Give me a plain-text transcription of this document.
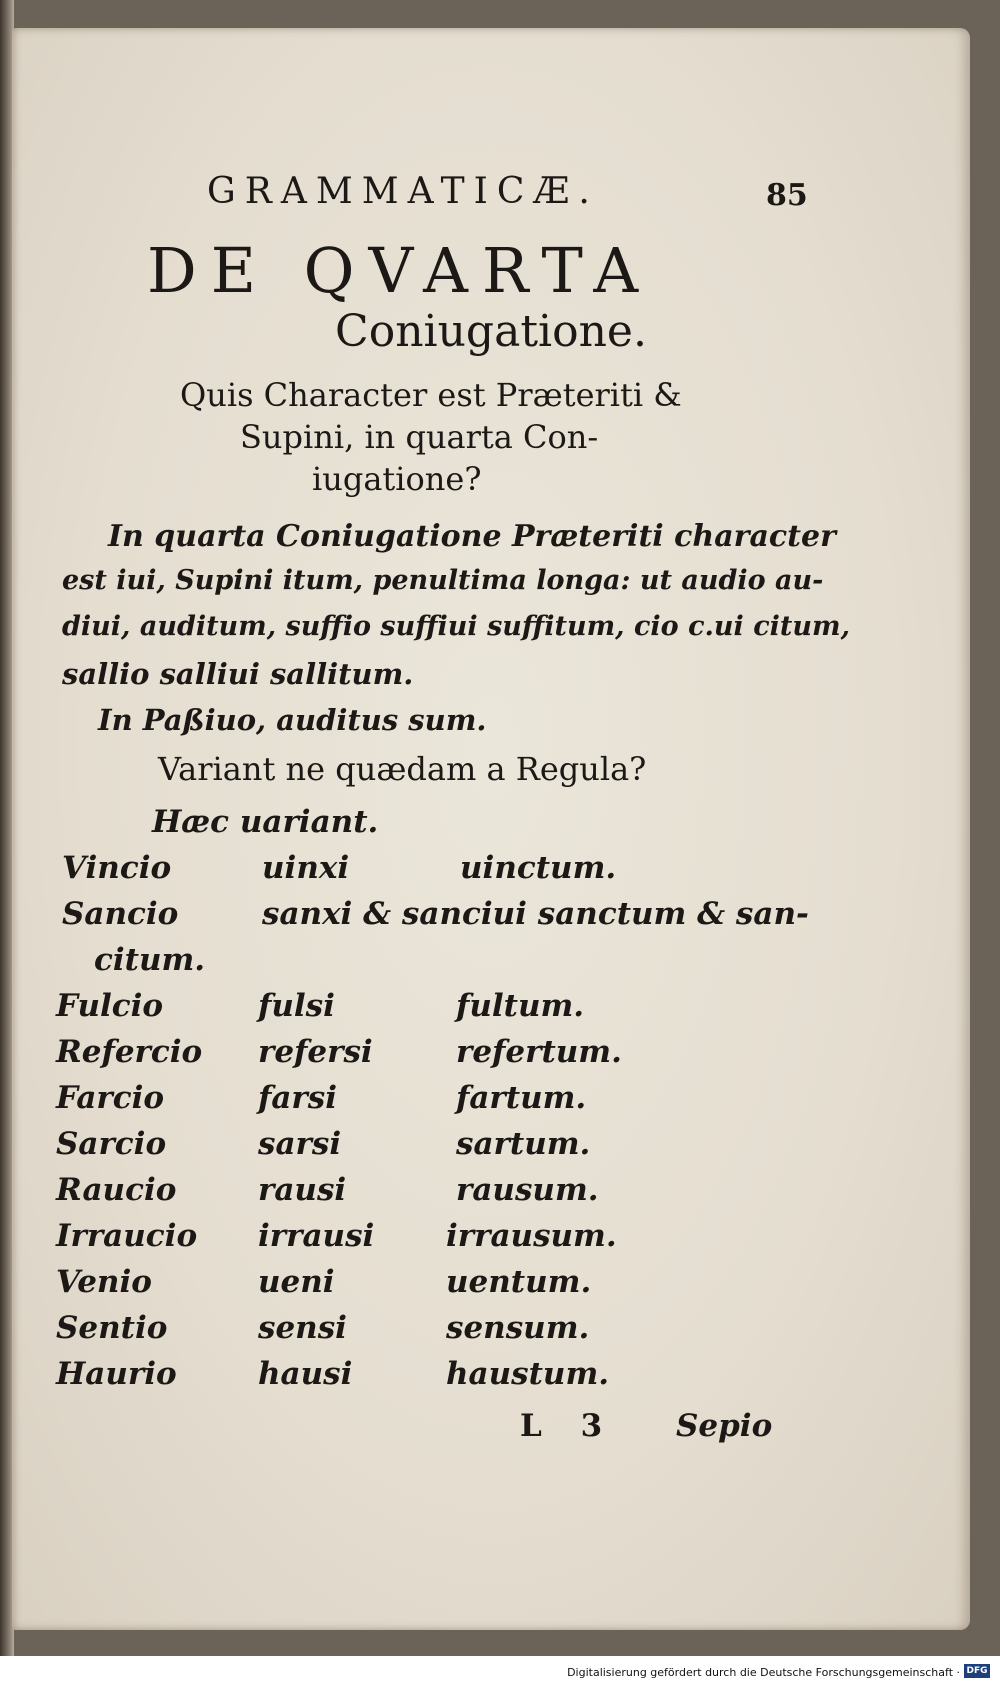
GRAMMATICÆ.	85
DE QVARTA
Coniugatione.
Quis Character est Præteriti &
Supini, in quarta Con-
iugatione?
In quarta Coniugatione Præteriti character
est iui, Supini itum, penultima longa: ut audio au-
diui, auditum, suffio suffiui suffitum, cio c.ui citum,
sallio salliui sallitum.
In Paßiuo, auditus sum.
Variant ne quædam a Regula?
Hæc uariant.
Vincio	uinxi	uinctum.
Sancio	sanxi & sanciui sanctum & san-
citum.
Fulcio	fulsi	fultum.
Refercio refersi	refertum.
Farcio	farsi	fartum.
Sarcio	sarsi	sartum.
Raucio	rausi	rausum.
Irraucio irrausi irrausum.
Venio	ueni	uentum.
Sentio	sensi	sensum.
Haurio	hausi	haustum.
L 3 Sepio
Digitalisierung gefördert durch die Deutsche Forschungsgemeinschaft · DFG
